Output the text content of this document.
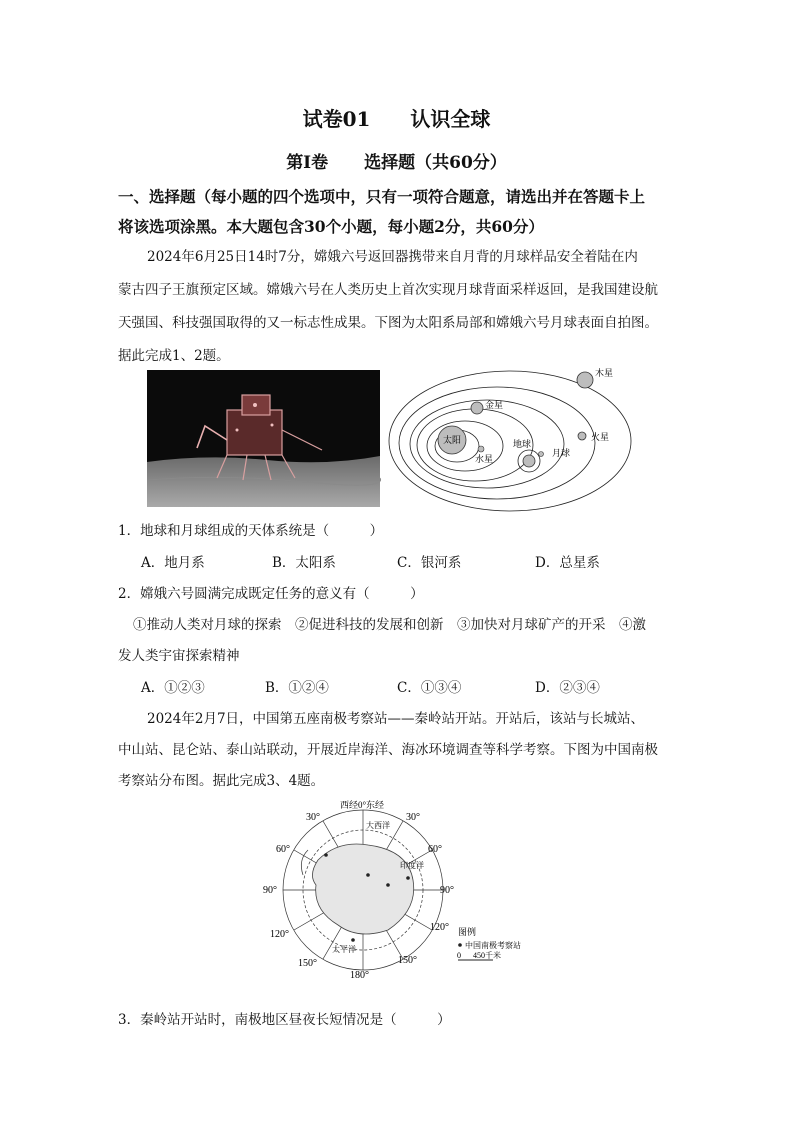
试卷01 认识全球
第Ⅰ卷 选择题（共60分）
一、选择题（每小题的四个选项中，只有一项符合题意，请选出并在答题卡上
将该选项涂黑。本大题包含30个小题，每小题2分，共60分）
2024年6月25日14时7分，嫦娥六号返回器携带来自月背的月球样品安全着陆在内
蒙古四子王旗预定区域。嫦娥六号在人类历史上首次实现月球背面采样返回，是我国建设航
天强国、科技强国取得的又一标志性成果。下图为太阳系局部和嫦娥六号月球表面自拍图。
据此完成1、2题。
太阳
木星
金星
地球
月球
火星
水星
1．地球和月球组成的天体系统是（　　　）
A．地月系	B．太阳系	C．银河系	D．总星系
2．嫦娥六号圆满完成既定任务的意义有（　　　）
①推动人类对月球的探索　②促进科技的发展和创新　③加快对月球矿产的开采　④激
发人类宇宙探索精神
A．①②③	B．①②④	C．①③④	D．②③④
2024年2月7日，中国第五座南极考察站——秦岭站开站。开站后，该站与长城站、
中山站、昆仑站、泰山站联动，开展近岸海洋、海冰环境调查等科学考察。下图为中国南极
考察站分布图。据此完成3、4题。
西经0° 东经
30°	30°
60°	60°
90°	90°
120°
120°
150°	150°
180°
大西洋
印度洋
太平洋
图例
中国南极考察站
0 450千米
3．秦岭站开站时，南极地区昼夜长短情况是（　　　）
